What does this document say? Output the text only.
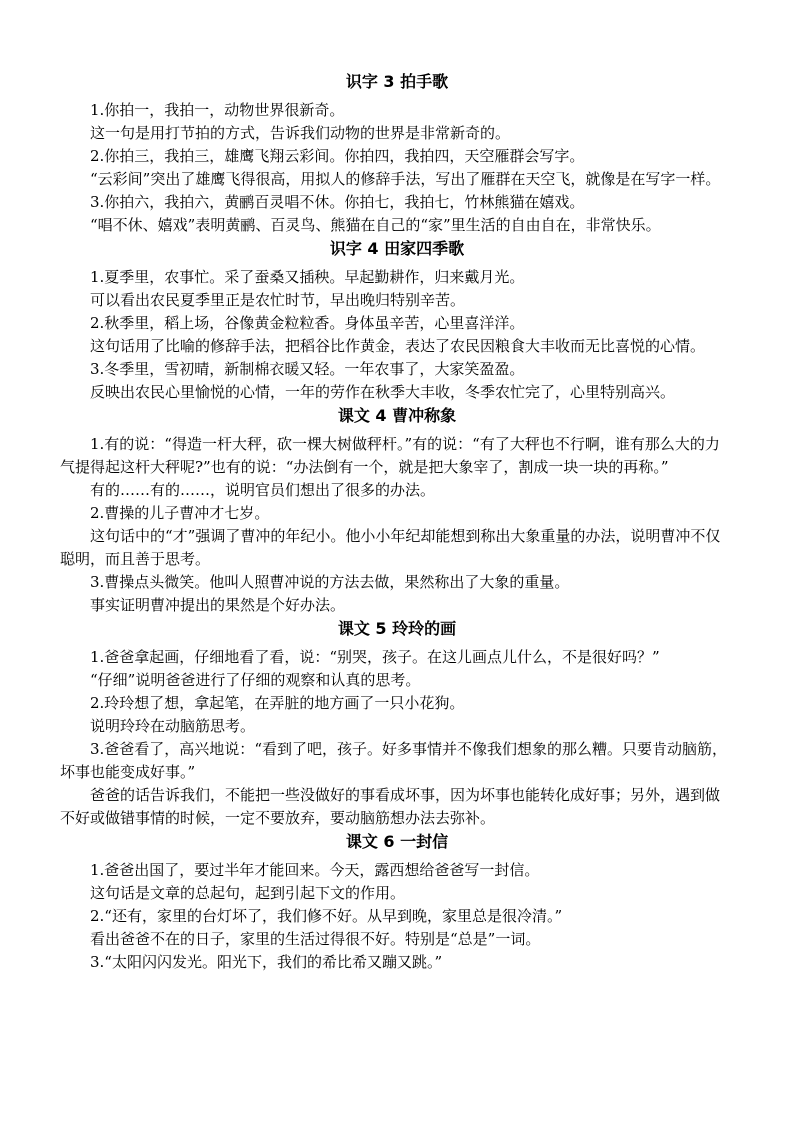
识字 3 拍手歌

1.你拍一，我拍一，动物世界很新奇。

这一句是用打节拍的方式，告诉我们动物的世界是非常新奇的。

2.你拍三，我拍三，雄鹰飞翔云彩间。你拍四，我拍四，天空雁群会写字。

“云彩间”突出了雄鹰飞得很高，用拟人的修辞手法，写出了雁群在天空飞，就像是在写字一样。

3.你拍六，我拍六，黄鹂百灵唱不休。你拍七，我拍七，竹林熊猫在嬉戏。

“唱不休、嬉戏”表明黄鹂、百灵鸟、熊猫在自己的“家”里生活的自由自在，非常快乐。

识字 4 田家四季歌

1.夏季里，农事忙。采了蚕桑又插秧。早起勤耕作，归来戴月光。

可以看出农民夏季里正是农忙时节，早出晚归特别辛苦。

2.秋季里，稻上场，谷像黄金粒粒香。身体虽辛苦，心里喜洋洋。

这句话用了比喻的修辞手法，把稻谷比作黄金，表达了农民因粮食大丰收而无比喜悦的心情。

3.冬季里，雪初晴，新制棉衣暖又轻。一年农事了，大家笑盈盈。

反映出农民心里愉悦的心情，一年的劳作在秋季大丰收，冬季农忙完了，心里特别高兴。

课文 4 曹冲称象

1.有的说：“得造一杆大秤，砍一棵大树做秤杆。”有的说：“有了大秤也不行啊，谁有那么大的力气提得起这杆大秤呢?”也有的说：“办法倒有一个，就是把大象宰了，割成一块一块的再称。”

有的……有的……，说明官员们想出了很多的办法。

2.曹操的儿子曹冲才七岁。

这句话中的“才”强调了曹冲的年纪小。他小小年纪却能想到称出大象重量的办法，说明曹冲不仅聪明，而且善于思考。

3.曹操点头微笑。他叫人照曹冲说的方法去做，果然称出了大象的重量。

事实证明曹冲提出的果然是个好办法。

课文 5 玲玲的画

1.爸爸拿起画，仔细地看了看，说：“别哭，孩子。在这儿画点儿什么，不是很好吗？”

“仔细”说明爸爸进行了仔细的观察和认真的思考。

2.玲玲想了想，拿起笔，在弄脏的地方画了一只小花狗。

说明玲玲在动脑筋思考。

3.爸爸看了，高兴地说：“看到了吧，孩子。好多事情并不像我们想象的那么糟。只要肯动脑筋，坏事也能变成好事。”

爸爸的话告诉我们，不能把一些没做好的事看成坏事，因为坏事也能转化成好事；另外，遇到做不好或做错事情的时候，一定不要放弃，要动脑筋想办法去弥补。

课文 6 一封信

1.爸爸出国了，要过半年才能回来。今天，露西想给爸爸写一封信。

这句话是文章的总起句，起到引起下文的作用。

2.“还有，家里的台灯坏了，我们修不好。从早到晚，家里总是很冷清。”

看出爸爸不在的日子，家里的生活过得很不好。特别是“总是”一词。

3.“太阳闪闪发光。阳光下，我们的希比希又蹦又跳。”
